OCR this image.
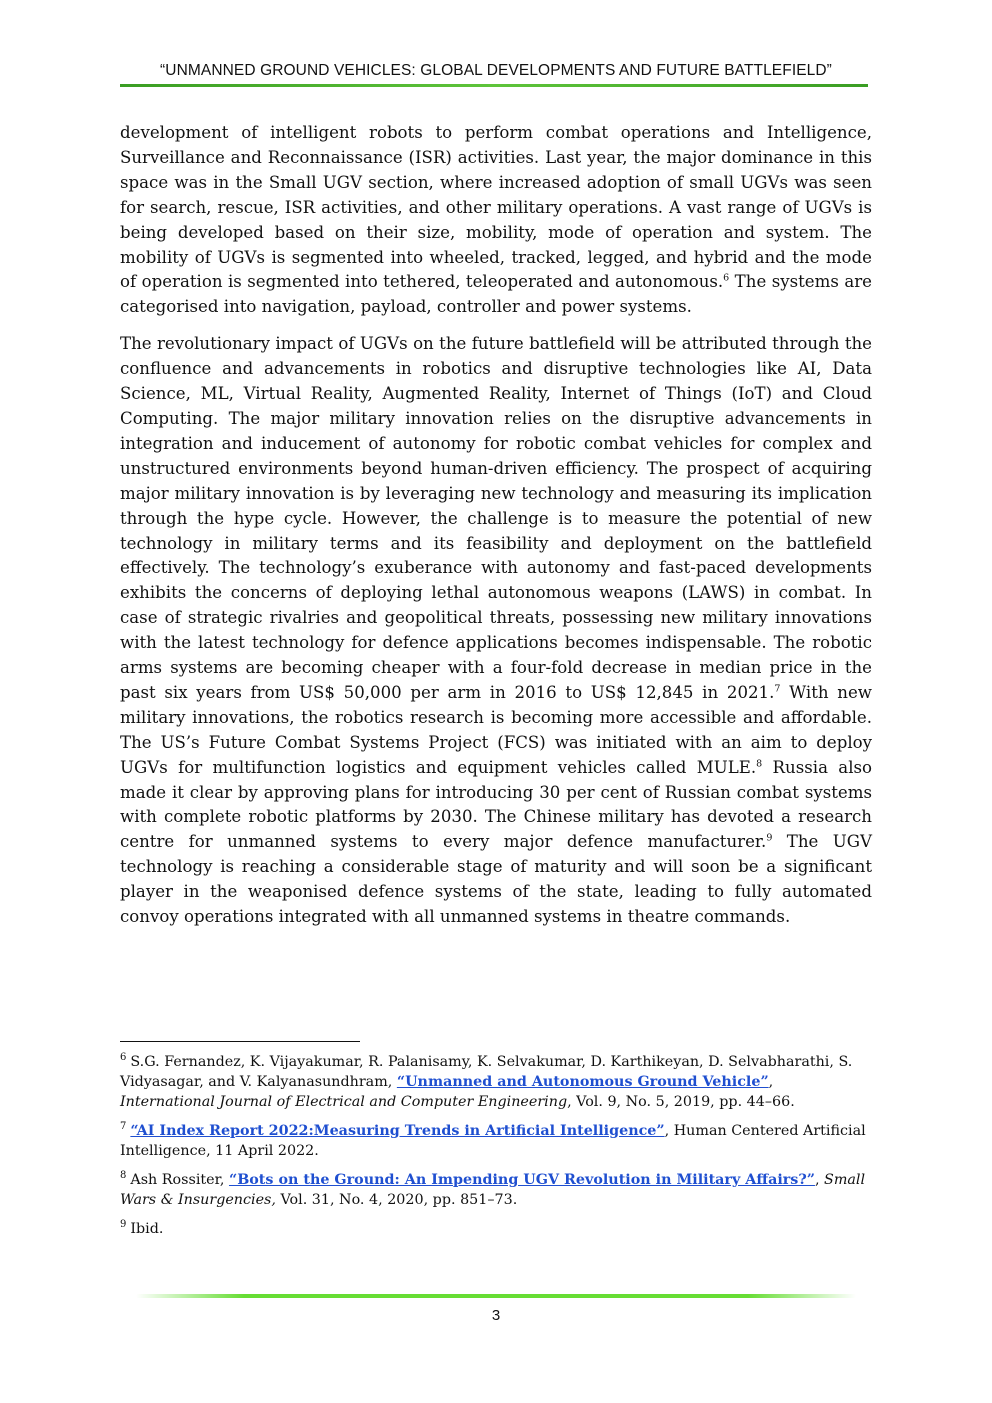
“UNMANNED GROUND VEHICLES: GLOBAL DEVELOPMENTS AND FUTURE BATTLEFIELD”

development of intelligent robots to perform combat operations and Intelligence, Surveillance and Reconnaissance (ISR) activities. Last year, the major dominance in this space was in the Small UGV section, where increased adoption of small UGVs was seen for search, rescue, ISR activities, and other military operations. A vast range of UGVs is being developed based on their size, mobility, mode of operation and system. The mobility of UGVs is segmented into wheeled, tracked, legged, and hybrid and the mode of operation is segmented into tethered, teleoperated and autonomous.$^6$ The systems are categorised into navigation, payload, controller and power systems.

The revolutionary impact of UGVs on the future battlefield will be attributed through the confluence and advancements in robotics and disruptive technologies like AI, Data Science, ML, Virtual Reality, Augmented Reality, Internet of Things (IoT) and Cloud Computing. The major military innovation relies on the disruptive advancements in integration and inducement of autonomy for robotic combat vehicles for complex and unstructured environments beyond human-driven efficiency. The prospect of acquiring major military innovation is by leveraging new technology and measuring its implication through the hype cycle. However, the challenge is to measure the potential of new technology in military terms and its feasibility and deployment on the battlefield effectively. The technology’s exuberance with autonomy and fast-paced developments exhibits the concerns of deploying lethal autonomous weapons (LAWS) in combat. In case of strategic rivalries and geopolitical threats, possessing new military innovations with the latest technology for defence applications becomes indispensable. The robotic arms systems are becoming cheaper with a four-fold decrease in median price in the past six years from US$ 50,000 per arm in 2016 to US$ 12,845 in 2021.$^7$ With new military innovations, the robotics research is becoming more accessible and affordable. The US’s Future Combat Systems Project (FCS) was initiated with an aim to deploy UGVs for multifunction logistics and equipment vehicles called MULE.$^8$ Russia also made it clear by approving plans for introducing 30 per cent of Russian combat systems with complete robotic platforms by 2030. The Chinese military has devoted a research centre for unmanned systems to every major defence manufacturer.$^9$ The UGV technology is reaching a considerable stage of maturity and will soon be a significant player in the weaponised defence systems of the state, leading to fully automated convoy operations integrated with all unmanned systems in theatre commands.

$^6$ S.G. Fernandez, K. Vijayakumar, R. Palanisamy, K. Selvakumar, D. Karthikeyan, D. Selvabharathi, S. Vidyasagar, and V. Kalyanasundhram, “Unmanned and Autonomous Ground Vehicle”, International Journal of Electrical and Computer Engineering, Vol. 9, No. 5, 2019, pp. 44–66.

$^7$ “AI Index Report 2022:Measuring Trends in Artificial Intelligence”, Human Centered Artificial Intelligence, 11 April 2022.

$^8$ Ash Rossiter, “Bots on the Ground: An Impending UGV Revolution in Military Affairs?”, Small Wars & Insurgencies, Vol. 31, No. 4, 2020, pp. 851–73.

$^9$ Ibid.

3
